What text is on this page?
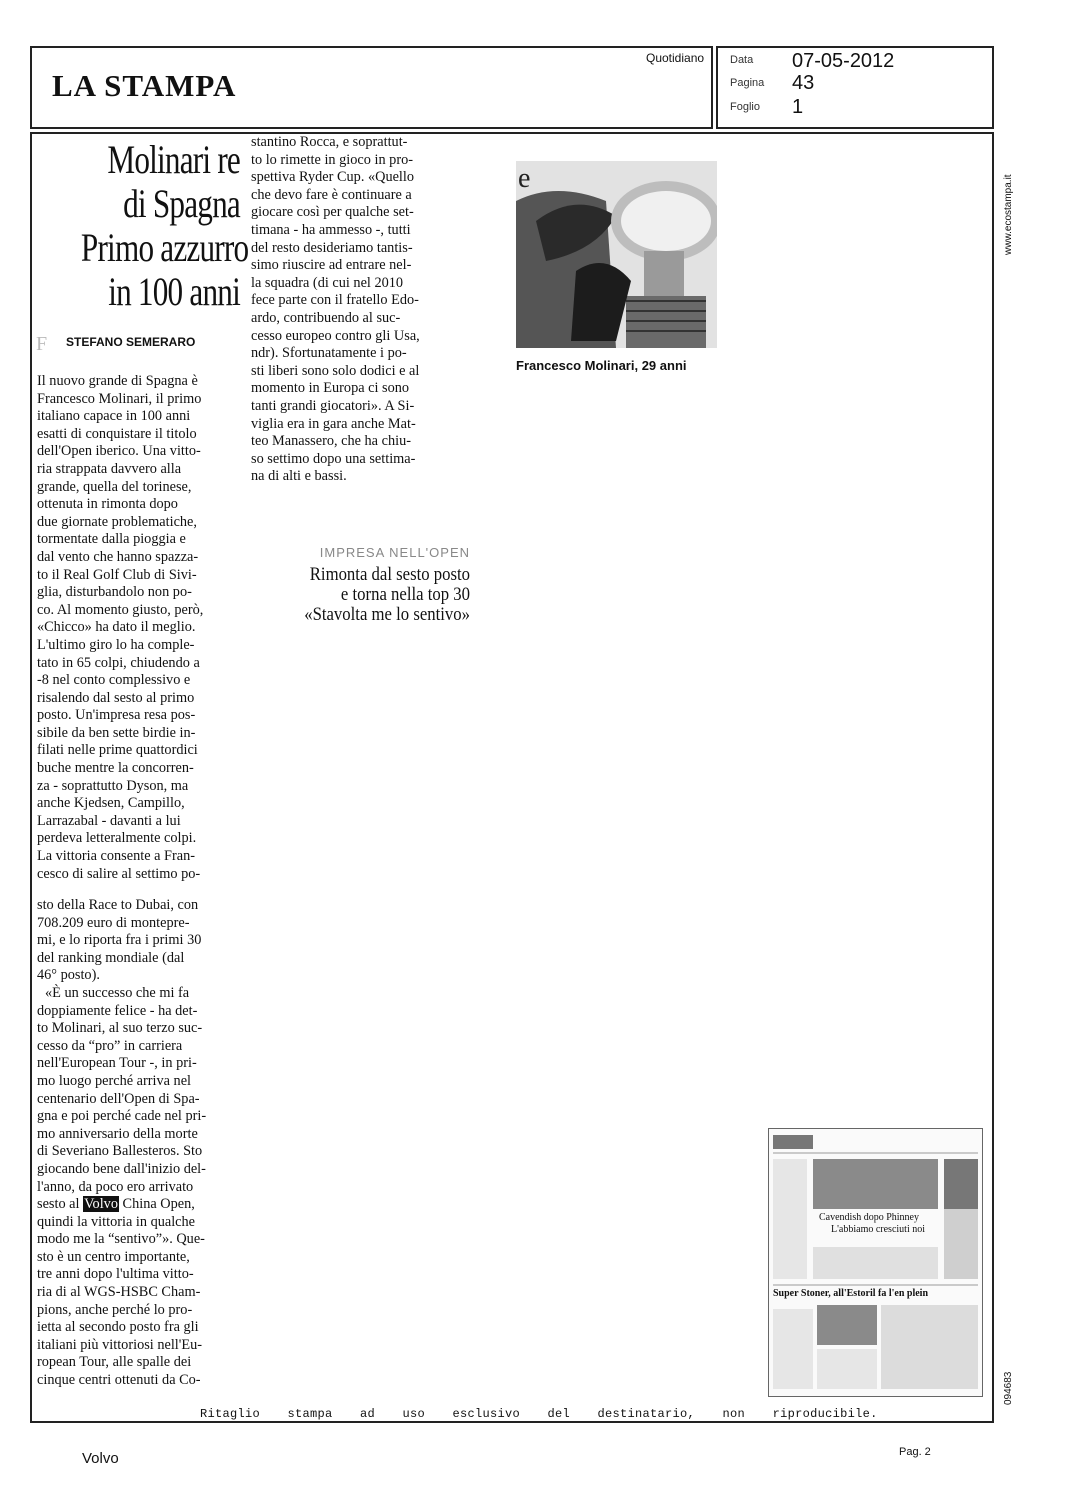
LA STAMPA
Quotidiano Data 07-05-2012
Pagina 43
Foglio 1
Molinari re
di Spagna
Primo azzurro
in 100 anni
F	STEFANO SEMERARO

Il nuovo grande di Spagna è

Francesco Molinari, il primo

italiano capace in 100 anni

esatti di conquistare il titolo

dell'Open iberico. Una vitto-

ria strappata davvero alla

grande, quella del torinese,

ottenuta in rimonta dopo

due giornate problematiche,

tormentate dalla pioggia e

dal vento che hanno spazza-

to il Real Golf Club di Sivi-

glia, disturbandolo non po-

co. Al momento giusto, però,

«Chicco» ha dato il meglio.

L'ultimo giro lo ha comple-

tato in 65 colpi, chiudendo a

-8 nel conto complessivo e

risalendo dal sesto al primo

posto. Un'impresa resa pos-

sibile da ben sette birdie in-

filati nelle prime quattordici

buche mentre la concorren-

za - soprattutto Dyson, ma

anche Kjedsen, Campillo,

Larrazabal - davanti a lui

perdeva letteralmente colpi.

La vittoria consente a Fran-

cesco di salire al settimo po-

sto della Race to Dubai, con

708.209 euro di montepre-

mi, e lo riporta fra i primi 30

del ranking mondiale (dal

46° posto).

«È un successo che mi fa

doppiamente felice - ha det-

to Molinari, al suo terzo suc-

cesso da “pro” in carriera

nell'European Tour -, in pri-

mo luogo perché arriva nel

centenario dell'Open di Spa-

gna e poi perché cade nel pri-

mo anniversario della morte

di Severiano Ballesteros. Sto

giocando bene dall'inizio del-

l'anno, da poco ero arrivato

sesto al Volvo China Open,

quindi la vittoria in qualche

modo me la “sentivo”». Que-

sto è un centro importante,

tre anni dopo l'ultima vitto-

ria di al WGS-HSBC Cham-

pions, anche perché lo pro-

ietta al secondo posto fra gli

italiani più vittoriosi nell'Eu-

ropean Tour, alle spalle dei

cinque centri ottenuti da Co-

stantino Rocca, e soprattut-

to lo rimette in gioco in pro-

spettiva Ryder Cup. «Quello

che devo fare è continuare a

giocare così per qualche set-

timana - ha ammesso -, tutti

del resto desideriamo tantis-

simo riuscire ad entrare nel-

la squadra (di cui nel 2010

fece parte con il fratello Edo-

ardo, contribuendo al suc-

cesso europeo contro gli Usa,

ndr). Sfortunatamente i po-

sti liberi sono solo dodici e al

momento in Europa ci sono

tanti grandi giocatori». A Si-

viglia era in gara anche Mat-

teo Manassero, che ha chiu-

so settimo dopo una settima-

na di alti e bassi.

IMPRESA NELL'OPEN
Rimonta dal sesto posto
e torna nella top 30
«Stavolta me lo sentivo»
e
Francesco Molinari, 29 anni
Cavendish dopo Phinney
L'abbiamo cresciuti noi
Super Stoner, all'Estoril fa l'en plein
www.ecostampa.it
094683
Ritaglio stampa ad uso esclusivo del destinatario, non riproducibile.
Volvo	Pag. 2
